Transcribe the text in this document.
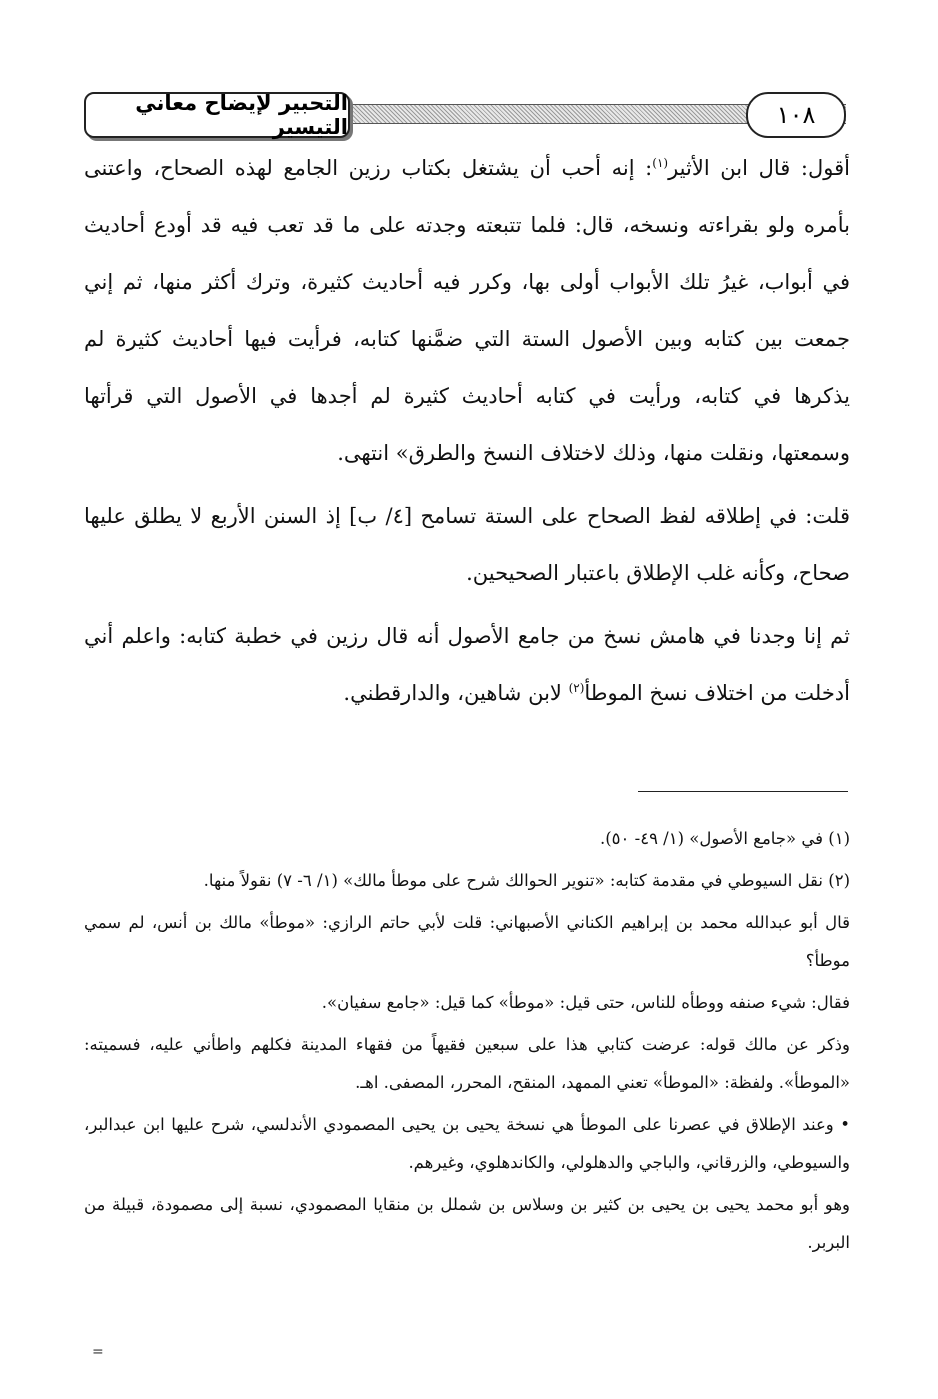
١٠٨
التحبير لإيضاح معاني التيسير

أقول: قال ابن الأثير$^{(١)}$: إنه أحب أن يشتغل بكتاب رزين الجامع لهذه الصحاح، واعتنى بأمره ولو بقراءته ونسخه، قال: فلما تتبعته وجدته على ما قد تعب فيه قد أودع أحاديث في أبواب، غيرُ تلك الأبواب أولى بها، وكرر فيه أحاديث كثيرة، وترك أكثر منها، ثم إني جمعت بين كتابه وبين الأصول الستة التي ضمَّنها كتابه، فرأيت فيها أحاديث كثيرة لم يذكرها في كتابه، ورأيت في كتابه أحاديث كثيرة لم أجدها في الأصول التي قرأتها وسمعتها، ونقلت منها، وذلك لاختلاف النسخ والطرق» انتهى.

قلت: في إطلاقه لفظ الصحاح على الستة تسامح [٤/ ب] إذ السنن الأربع لا يطلق عليها صحاح، وكأنه غلب الإطلاق باعتبار الصحيحين.

ثم إنا وجدنا في هامش نسخ من جامع الأصول أنه قال رزين في خطبة كتابه: واعلم أني أدخلت من اختلاف نسخ الموطأ$^{(٢)}$ لابن شاهين، والدارقطني.

(١) في «جامع الأصول» (١/ ٤٩- ٥٠).

(٢) نقل السيوطي في مقدمة كتابه: «تنوير الحوالك شرح على موطأ مالك» (١/ ٦- ٧) نقولاً منها.

قال أبو عبدالله محمد بن إبراهيم الكناني الأصبهاني: قلت لأبي حاتم الرازي: «موطأ» مالك بن أنس، لم سمي موطأ؟

فقال: شيء صنفه ووطأه للناس، حتى قيل: «موطأ» كما قيل: «جامع سفيان».

وذكر عن مالك قوله: عرضت كتابي هذا على سبعين فقيهاً من فقهاء المدينة فكلهم واطأني عليه، فسميته: «الموطأ». ولفظة: «الموطأ» تعني الممهد، المنقح، المحرر، المصفى. اهـ.

• وعند الإطلاق في عصرنا على الموطأ هي نسخة يحيى بن يحيى المصمودي الأندلسي، شرح عليها ابن عبدالبر، والسيوطي، والزرقاني، والباجي والدهلولي، والكاندهلوي، وغيرهم.

وهو أبو محمد يحيى بن يحيى بن كثير بن وسلاس بن شملل بن منقايا المصمودي، نسبة إلى مصمودة، قبيلة من البربر.

=
